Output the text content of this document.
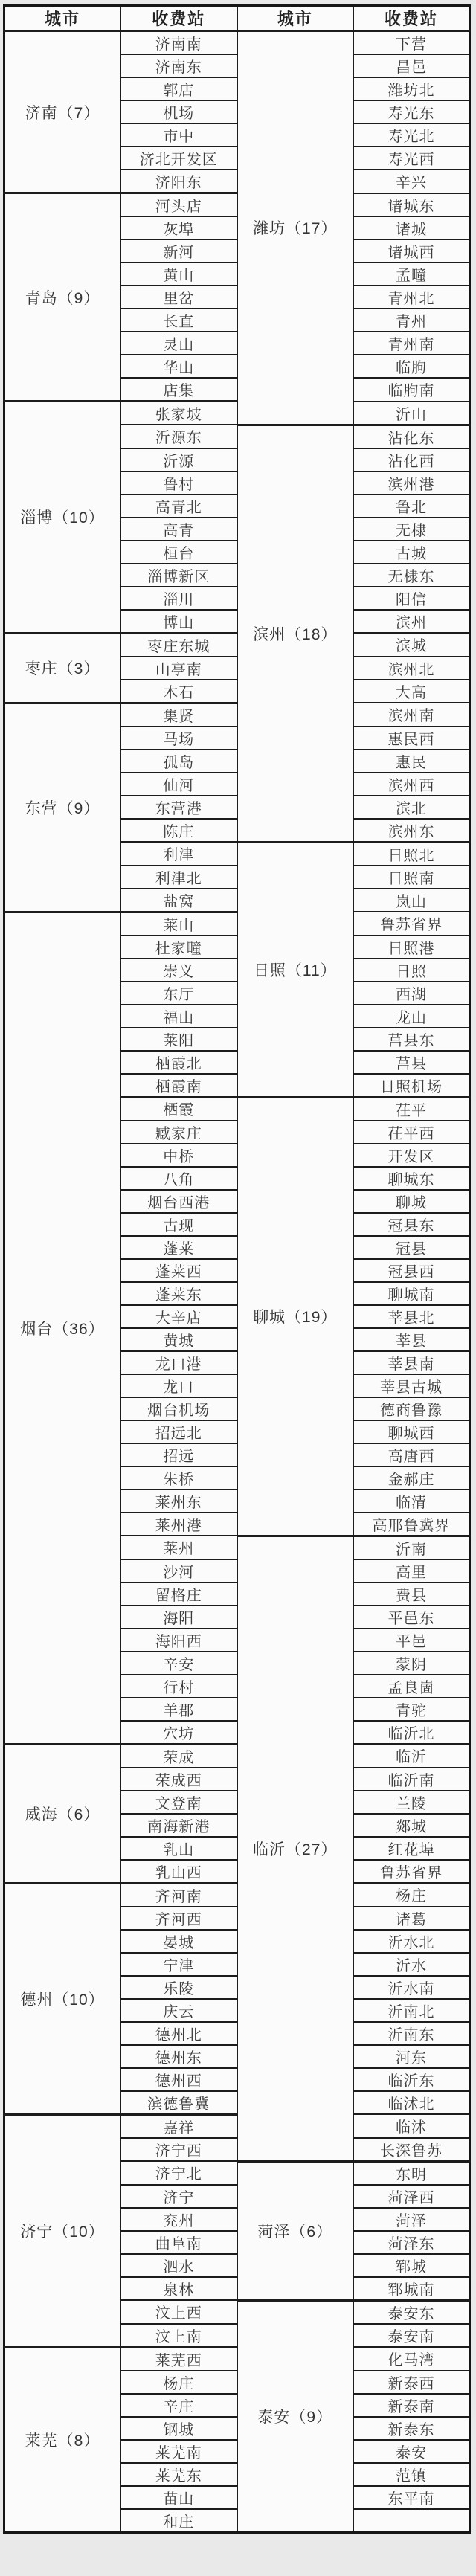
城市	收费站	城市	收费站
济南（7）	济南南	潍坊（17）	下营
	济南东		昌邑
	郭店		潍坊北
	机场		寿光东
	市中		寿光北
	济北开发区		寿光西
	济阳东		辛兴
青岛（9）	河头店		诸城东
	灰埠		诸城
	新河		诸城西
	黄山		孟疃
	里岔		青州北
	长直		青州
	灵山		青州南
	华山		临朐
	店集		临朐南
淄博（10）	张家坡		沂山
	沂源东	滨州（18）	沾化东
	沂源		沾化西
	鲁村		滨州港
	高青北		鲁北
	高青		无棣
	桓台		古城
	淄博新区		无棣东
	淄川		阳信
	博山		滨州
枣庄（3）	枣庄东城		滨城
	山亭南		滨州北
	木石		大高
东营（9）	集贤		滨州南
	马场		惠民西
	孤岛		惠民
	仙河		滨州西
	东营港		滨北
	陈庄		滨州东
	利津	日照（11）	日照北
	利津北		日照南
	盐窝		岚山
烟台（36）	莱山		鲁苏省界
	杜家疃		日照港
	崇义		日照
	东厅		西湖
	福山		龙山
	莱阳		莒县东
	栖霞北		莒县
	栖霞南		日照机场
	栖霞	聊城（19）	茌平
	臧家庄		茌平西
	中桥		开发区
	八角		聊城东
	烟台西港		聊城
	古现		冠县东
	蓬莱		冠县
	蓬莱西		冠县西
	蓬莱东		聊城南
	大辛店		莘县北
	黄城		莘县
	龙口港		莘县南
	龙口		莘县古城
	烟台机场		德商鲁豫
	招远北		聊城西
	招远		高唐西
	朱桥		金郝庄
	莱州东		临清
	莱州港		高邢鲁冀界
	莱州	临沂（27）	沂南
	沙河		高里
	留格庄		费县
	海阳		平邑东
	海阳西		平邑
	辛安		蒙阴
	行村		孟良崮
	羊郡		青驼
	穴坊		临沂北
威海（6）	荣成		临沂
	荣成西		临沂南
	文登南		兰陵
	南海新港		郯城
	乳山		红花埠
	乳山西		鲁苏省界
德州（10）	齐河南		杨庄
	齐河西		诸葛
	晏城		沂水北
	宁津		沂水
	乐陵		沂水南
	庆云		沂南北
	德州北		沂南东
	德州东		河东
	德州西		临沂东
	滨德鲁冀		临沭北
济宁（10）	嘉祥		临沭
	济宁西		长深鲁苏
	济宁北	菏泽（6）	东明
	济宁		菏泽西
	兖州		菏泽
	曲阜南		菏泽东
	泗水		郓城
	泉林		郓城南
	汶上西	泰安（9）	泰安东
	汶上南		泰安南
莱芜（8）	莱芜西		化马湾
	杨庄		新泰西
	辛庄		新泰南
	钢城		新泰东
	莱芜南		泰安
	莱芜东		范镇
	苗山		东平南
	和庄		
